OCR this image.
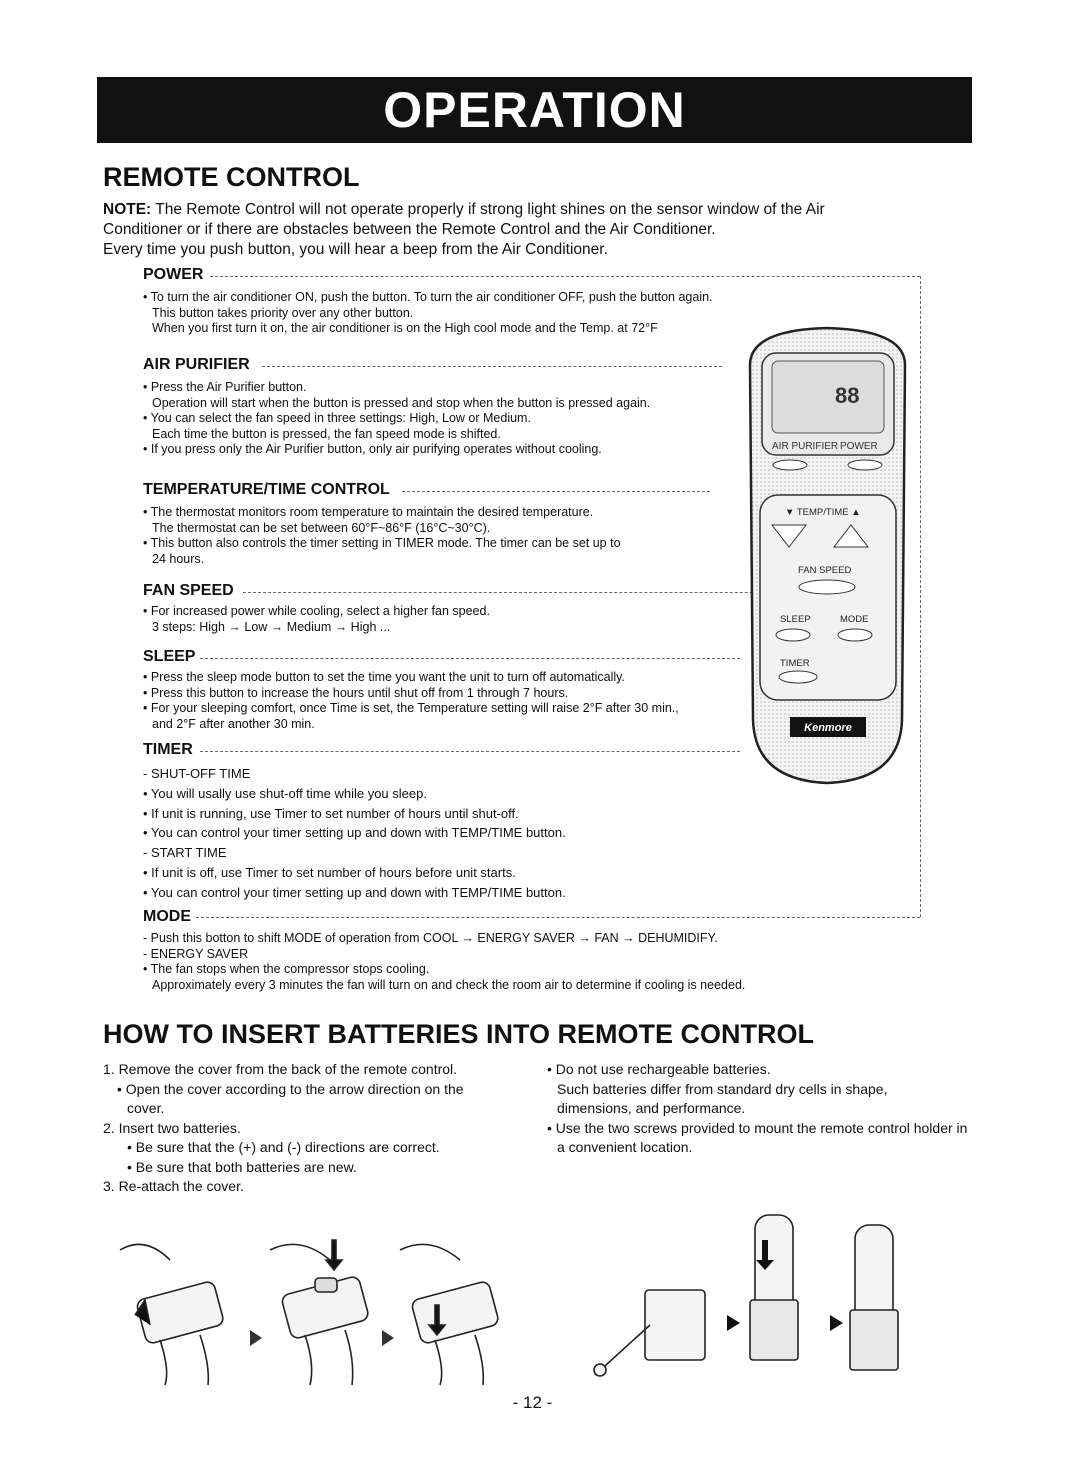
OPERATION
REMOTE CONTROL
NOTE: The Remote Control will not operate properly if strong light shines on the sensor window of the Air
Conditioner or if there are obstacles between the Remote Control and the Air Conditioner.
Every time you push button, you will hear a beep from the Air Conditioner.
POWER
• To turn the air conditioner ON, push the button. To turn the air conditioner OFF, push the button again.
This button takes priority over any other button.
When you first turn it on, the air conditioner is on the High cool mode and the Temp. at 72°F
AIR PURIFIER
• Press the Air Purifier button.
Operation will start when the button is pressed and stop when the button is pressed again.
• You can select the fan speed in three settings: High, Low or Medium.
Each time the button is pressed, the fan speed mode is shifted.
• If you press only the Air Purifier button, only air purifying operates without cooling.
TEMPERATURE/TIME CONTROL
• The thermostat monitors room temperature to maintain the desired temperature.
The thermostat can be set between 60°F~86°F (16°C~30°C).
• This button also controls the timer setting in TIMER mode. The timer can be set up to
24 hours.
FAN SPEED
• For increased power while cooling, select a higher fan speed.
3 steps: High → Low → Medium → High ...
SLEEP
• Press the sleep mode button to set the time you want the unit to turn off automatically.
• Press this button to increase the hours until shut off from 1 through 7 hours.
• For your sleeping comfort, once Time is set, the Temperature setting will raise 2°F after 30 min.,
and 2°F after another 30 min.
TIMER
- SHUT-OFF TIME
• You will usally use shut-off time while you sleep.
• If unit is running, use Timer to set number of hours until shut-off.
• You can control your timer setting up and down with TEMP/TIME button.
- START TIME
• If unit is off, use Timer to set number of hours before unit starts.
• You can control your timer setting up and down with TEMP/TIME button.
MODE
- Push this botton to shift MODE of operation from COOL → ENERGY SAVER → FAN → DEHUMIDIFY.
- ENERGY SAVER
• The fan stops when the compressor stops cooling.
Approximately every 3 minutes the fan will turn on and check the room air to determine if cooling is needed.
88
AIR PURIFIER POWER
▼ TEMP/TIME ▲
FAN SPEED
SLEEP	MODE
TIMER
Kenmore
HOW TO INSERT BATTERIES INTO REMOTE CONTROL
1. Remove the cover from the back of the remote control.
• Open the cover according to the arrow direction on the
cover.
2. Insert two batteries.
• Be sure that the (+) and (-) directions are correct.
• Be sure that both batteries are new.
3. Re-attach the cover.
• Do not use rechargeable batteries.
Such batteries differ from standard dry cells in shape,
dimensions, and performance.
• Use the two screws provided to mount the remote control holder in
a convenient location.
- 12 -
